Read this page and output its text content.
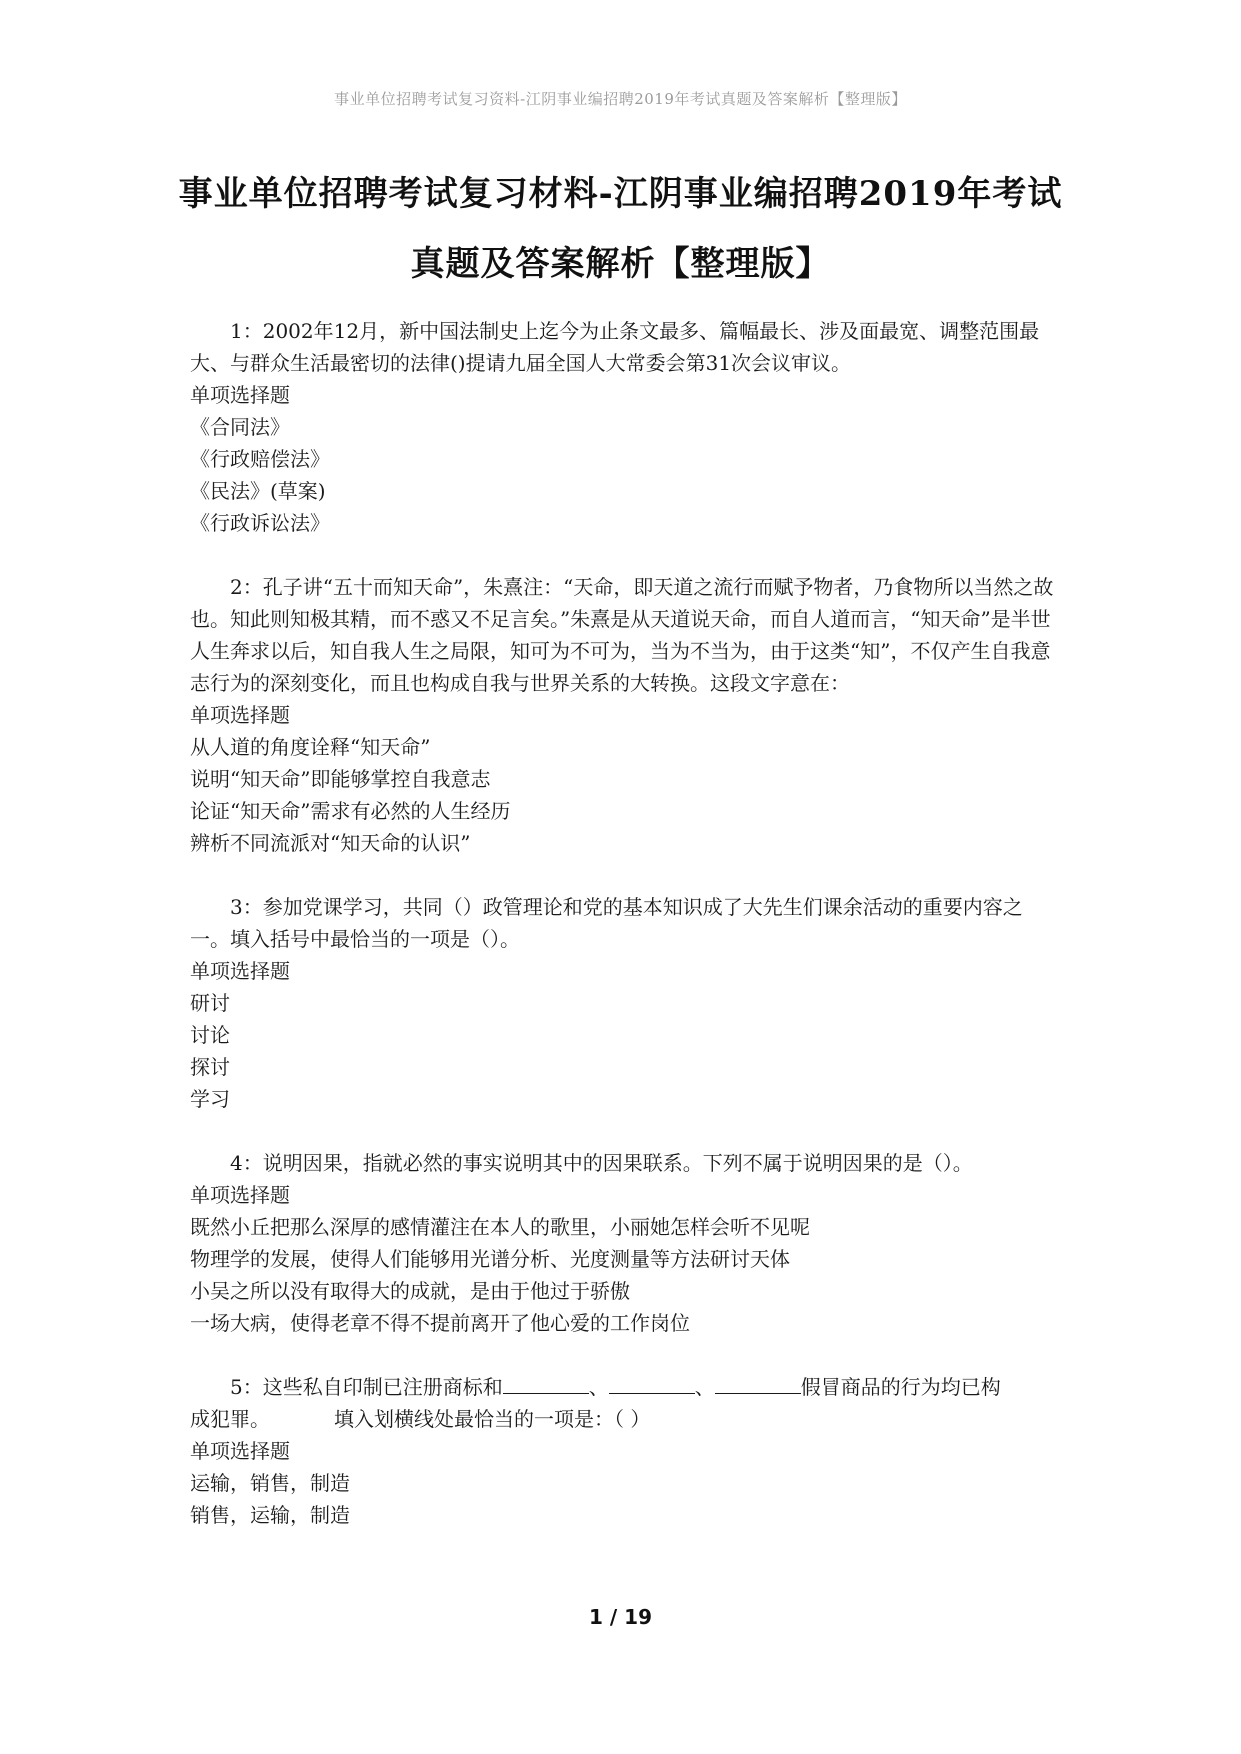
事业单位招聘考试复习资料-江阴事业编招聘2019年考试真题及答案解析【整理版】
事业单位招聘考试复习材料-江阴事业编招聘2019年考试
真题及答案解析【整理版】

1：2002年12月，新中国法制史上迄今为止条文最多、篇幅最长、涉及面最宽、调整范围最大、与群众生活最密切的法律()提请九届全国人大常委会第31次会议审议。

单项选择题

《合同法》

《行政赔偿法》

《民法》(草案)

《行政诉讼法》

2：孔子讲“五十而知天命”，朱熹注：“天命，即天道之流行而赋予物者，乃食物所以当然之故也。知此则知极其精，而不惑又不足言矣。”朱熹是从天道说天命，而自人道而言，“知天命”是半世人生奔求以后，知自我人生之局限，知可为不可为，当为不当为，由于这类“知”，不仅产生自我意志行为的深刻变化，而且也构成自我与世界关系的大转换。这段文字意在：

单项选择题

从人道的角度诠释“知天命”

说明“知天命”即能够掌控自我意志

论证“知天命”需求有必然的人生经历

辨析不同流派对“知天命的认识”

3：参加党课学习，共同（）政管理论和党的基本知识成了大先生们课余活动的重要内容之一。填入括号中最恰当的一项是（）。

单项选择题

研讨

讨论

探讨

学习

4：说明因果，指就必然的事实说明其中的因果联系。下列不属于说明因果的是（）。

单项选择题

既然小丘把那么深厚的感情灌注在本人的歌里，小丽她怎样会听不见呢

物理学的发展，使得人们能够用光谱分析、光度测量等方法研讨天体

小吴之所以没有取得大的成就，是由于他过于骄傲

一场大病，使得老章不得不提前离开了他心爱的工作岗位

5：这些私自印制已注册商标和	、	、	假冒商品的行为均已构

成犯罪。	填入划横线处最恰当的一项是：（ ）

单项选择题

运输，销售，制造

销售，运输，制造

1 / 19
